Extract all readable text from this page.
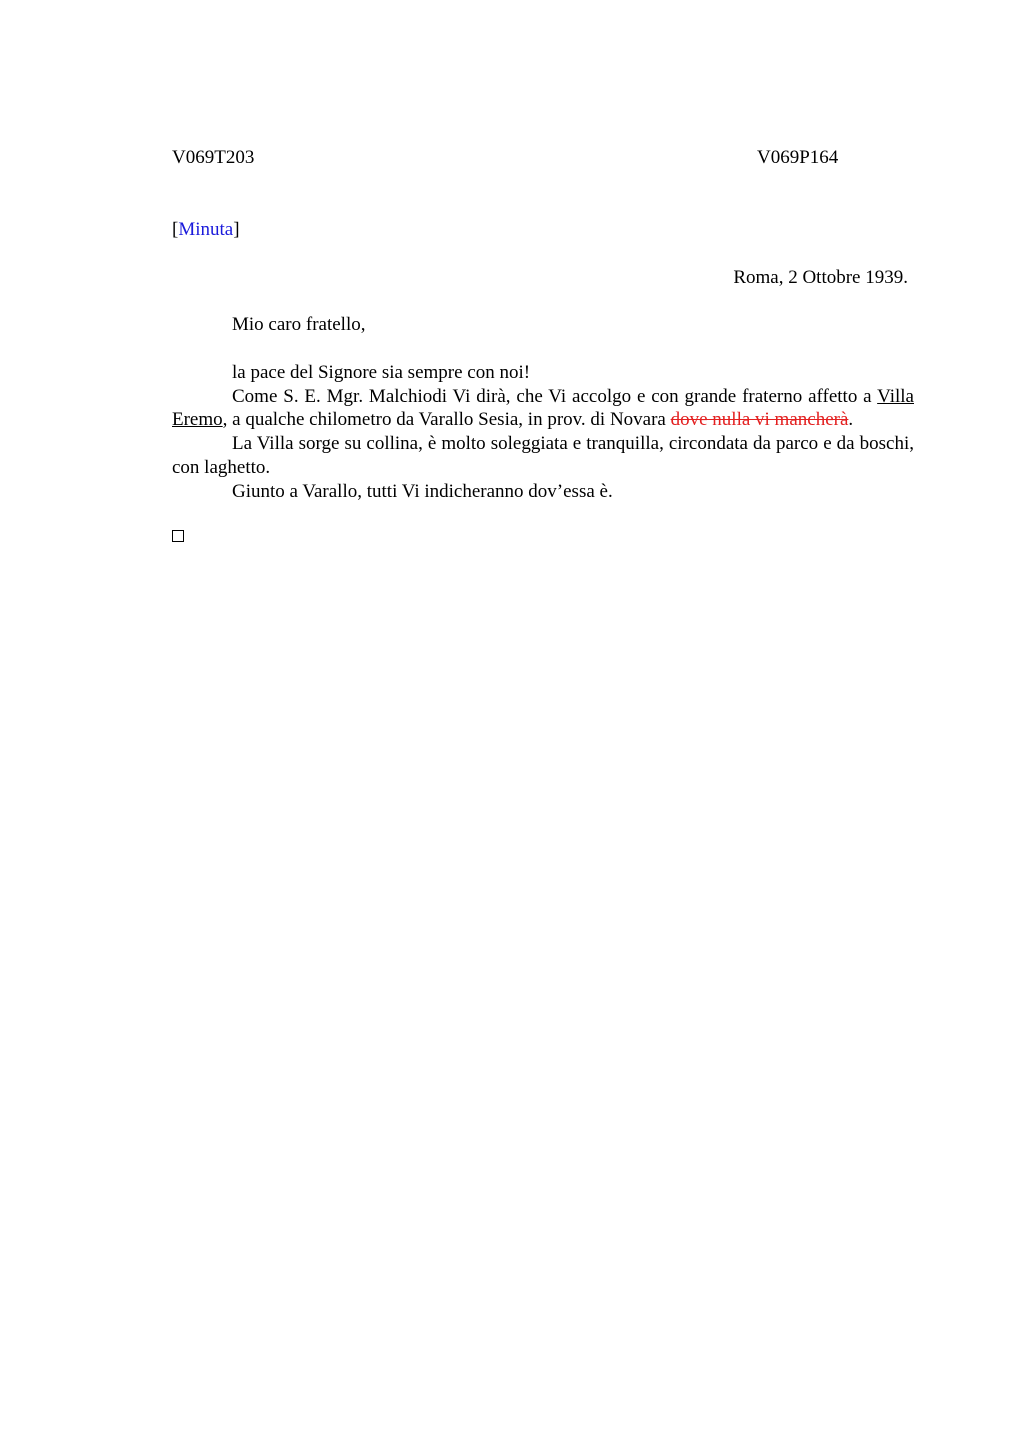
V069T203	V069P164
[Minuta]
Roma, 2 Ottobre 1939.
Mio caro fratello,

la pace del Signore sia sempre con noi!

Come S. E. Mgr. Malchiodi Vi dirà, che Vi accolgo e con grande fraterno affetto a Villa Eremo, a qualche chilometro da Varallo Sesia, in prov. di Novara dove nulla vi mancherà.

La Villa sorge su collina, è molto soleggiata e tranquilla, circondata da parco e da boschi, con laghetto.

Giunto a Varallo, tutti Vi indicheranno dov’essa è.
